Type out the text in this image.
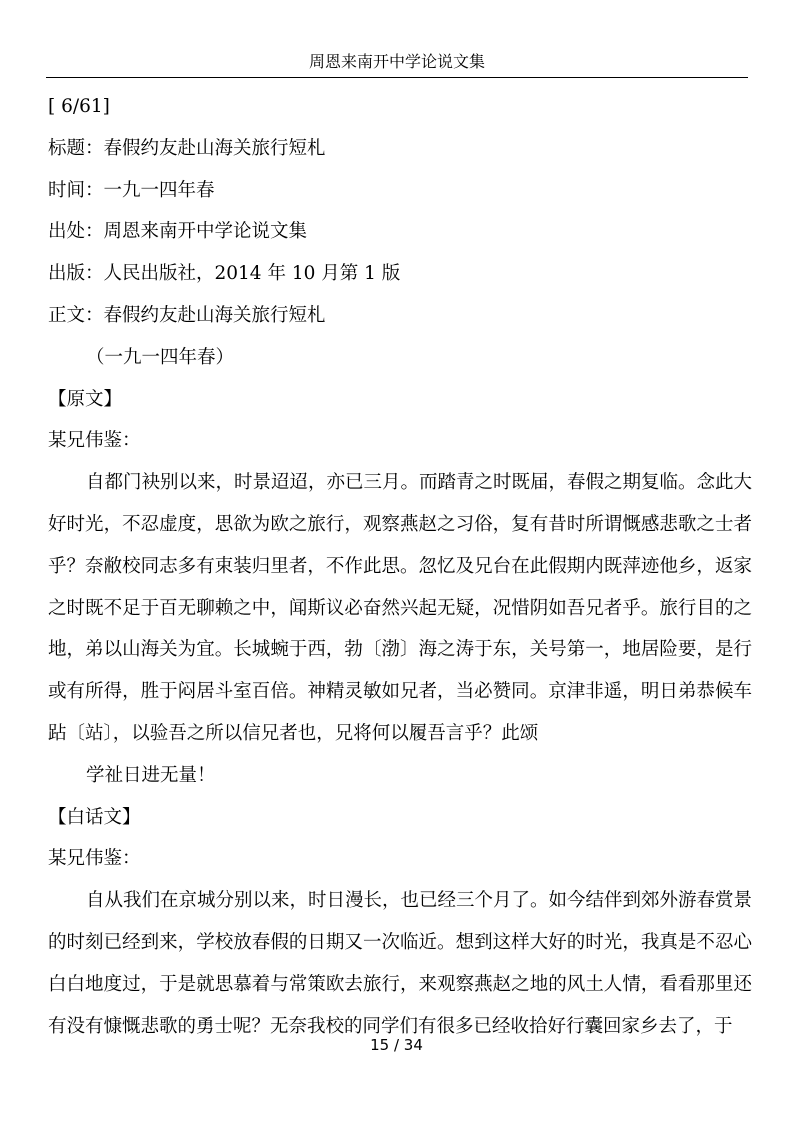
周恩来南开中学论说文集
[ 6/61]
标题：春假约友赴山海关旅行短札
时间：一九一四年春
出处：周恩来南开中学论说文集
出版：人民出版社，2014 年 10 月第 1 版
正文：春假约友赴山海关旅行短札
（一九一四年春）
【原文】
某兄伟鉴：

自都门袂别以来，时景迢迢，亦已三月。而踏青之时既届，春假之期复临。念此大好时光，不忍虚度，思欲为欧之旅行，观察燕赵之习俗，复有昔时所谓慨感悲歌之士者乎？奈敝校同志多有束装归里者，不作此思。忽忆及兄台在此假期内既萍迹他乡，返家之时既不足于百无聊赖之中，闻斯议必奋然兴起无疑，况惜阴如吾兄者乎。旅行目的之地，弟以山海关为宜。长城蜿于西，勃〔渤〕海之涛于东，关号第一，地居险要，是行或有所得，胜于闷居斗室百倍。神精灵敏如兄者，当必赞同。京津非遥，明日弟恭候车跕〔站〕，以验吾之所以信兄者也，兄将何以履吾言乎？此颂

学祉日进无量！
【白话文】
某兄伟鉴：

自从我们在京城分别以来，时日漫长，也已经三个月了。如今结伴到郊外游春赏景的时刻已经到来，学校放春假的日期又一次临近。想到这样大好的时光，我真是不忍心白白地度过，于是就思慕着与常策欧去旅行，来观察燕赵之地的风土人情，看看那里还有没有慷慨悲歌的勇士呢？无奈我校的同学们有很多已经收拾好行囊回家乡去了，于

15 / 34
